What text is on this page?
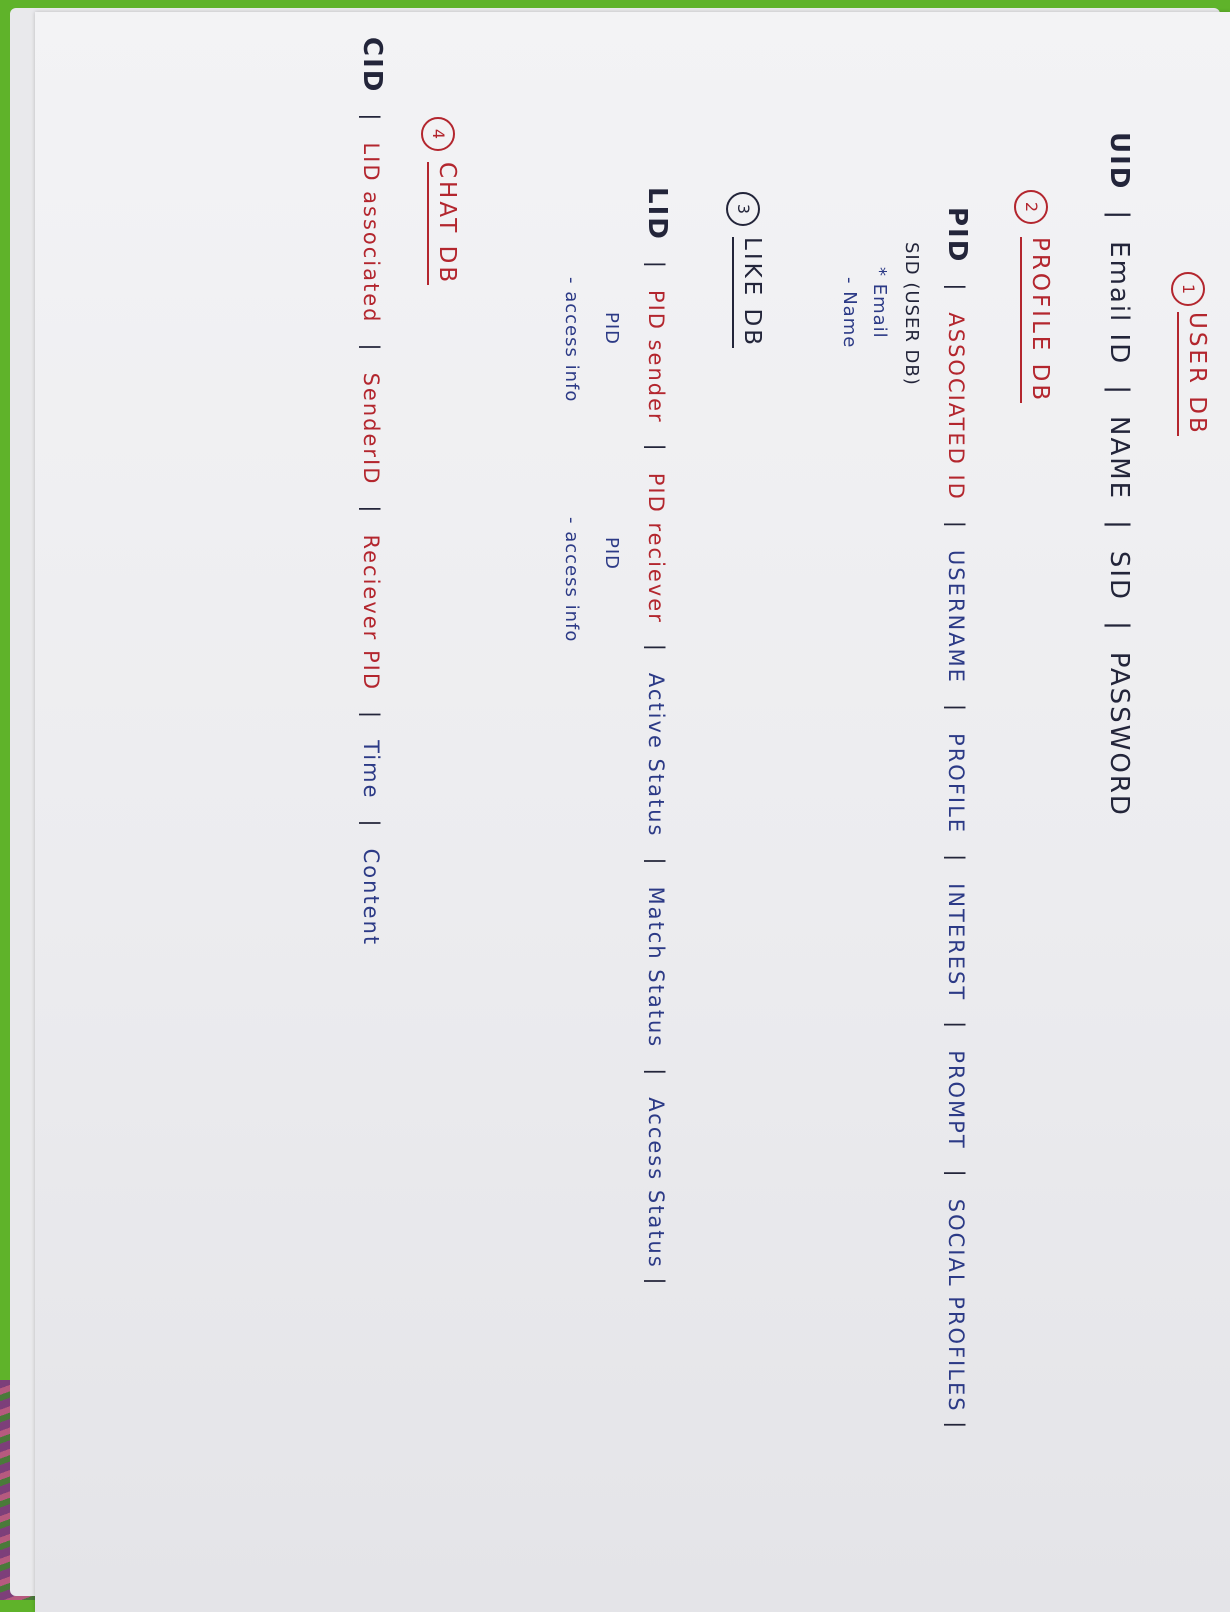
1
USER DB
UID|Email ID|NAME|SID|PASSWORD
2
PROFILE DB
PID|ASSOCIATED ID|USERNAME|PROFILE|INTEREST|PROMPT|SOCIAL PROFILES |
SID (USER DB)
* Email
- Name
3
LIKE DB
LID|PID sender|PID reciever|Active Status|Match Status|Access Status |
PID
- access info
PID
- access info
4
CHAT DB
CID|LID associated|SenderID|Reciever PID|Time|Content
